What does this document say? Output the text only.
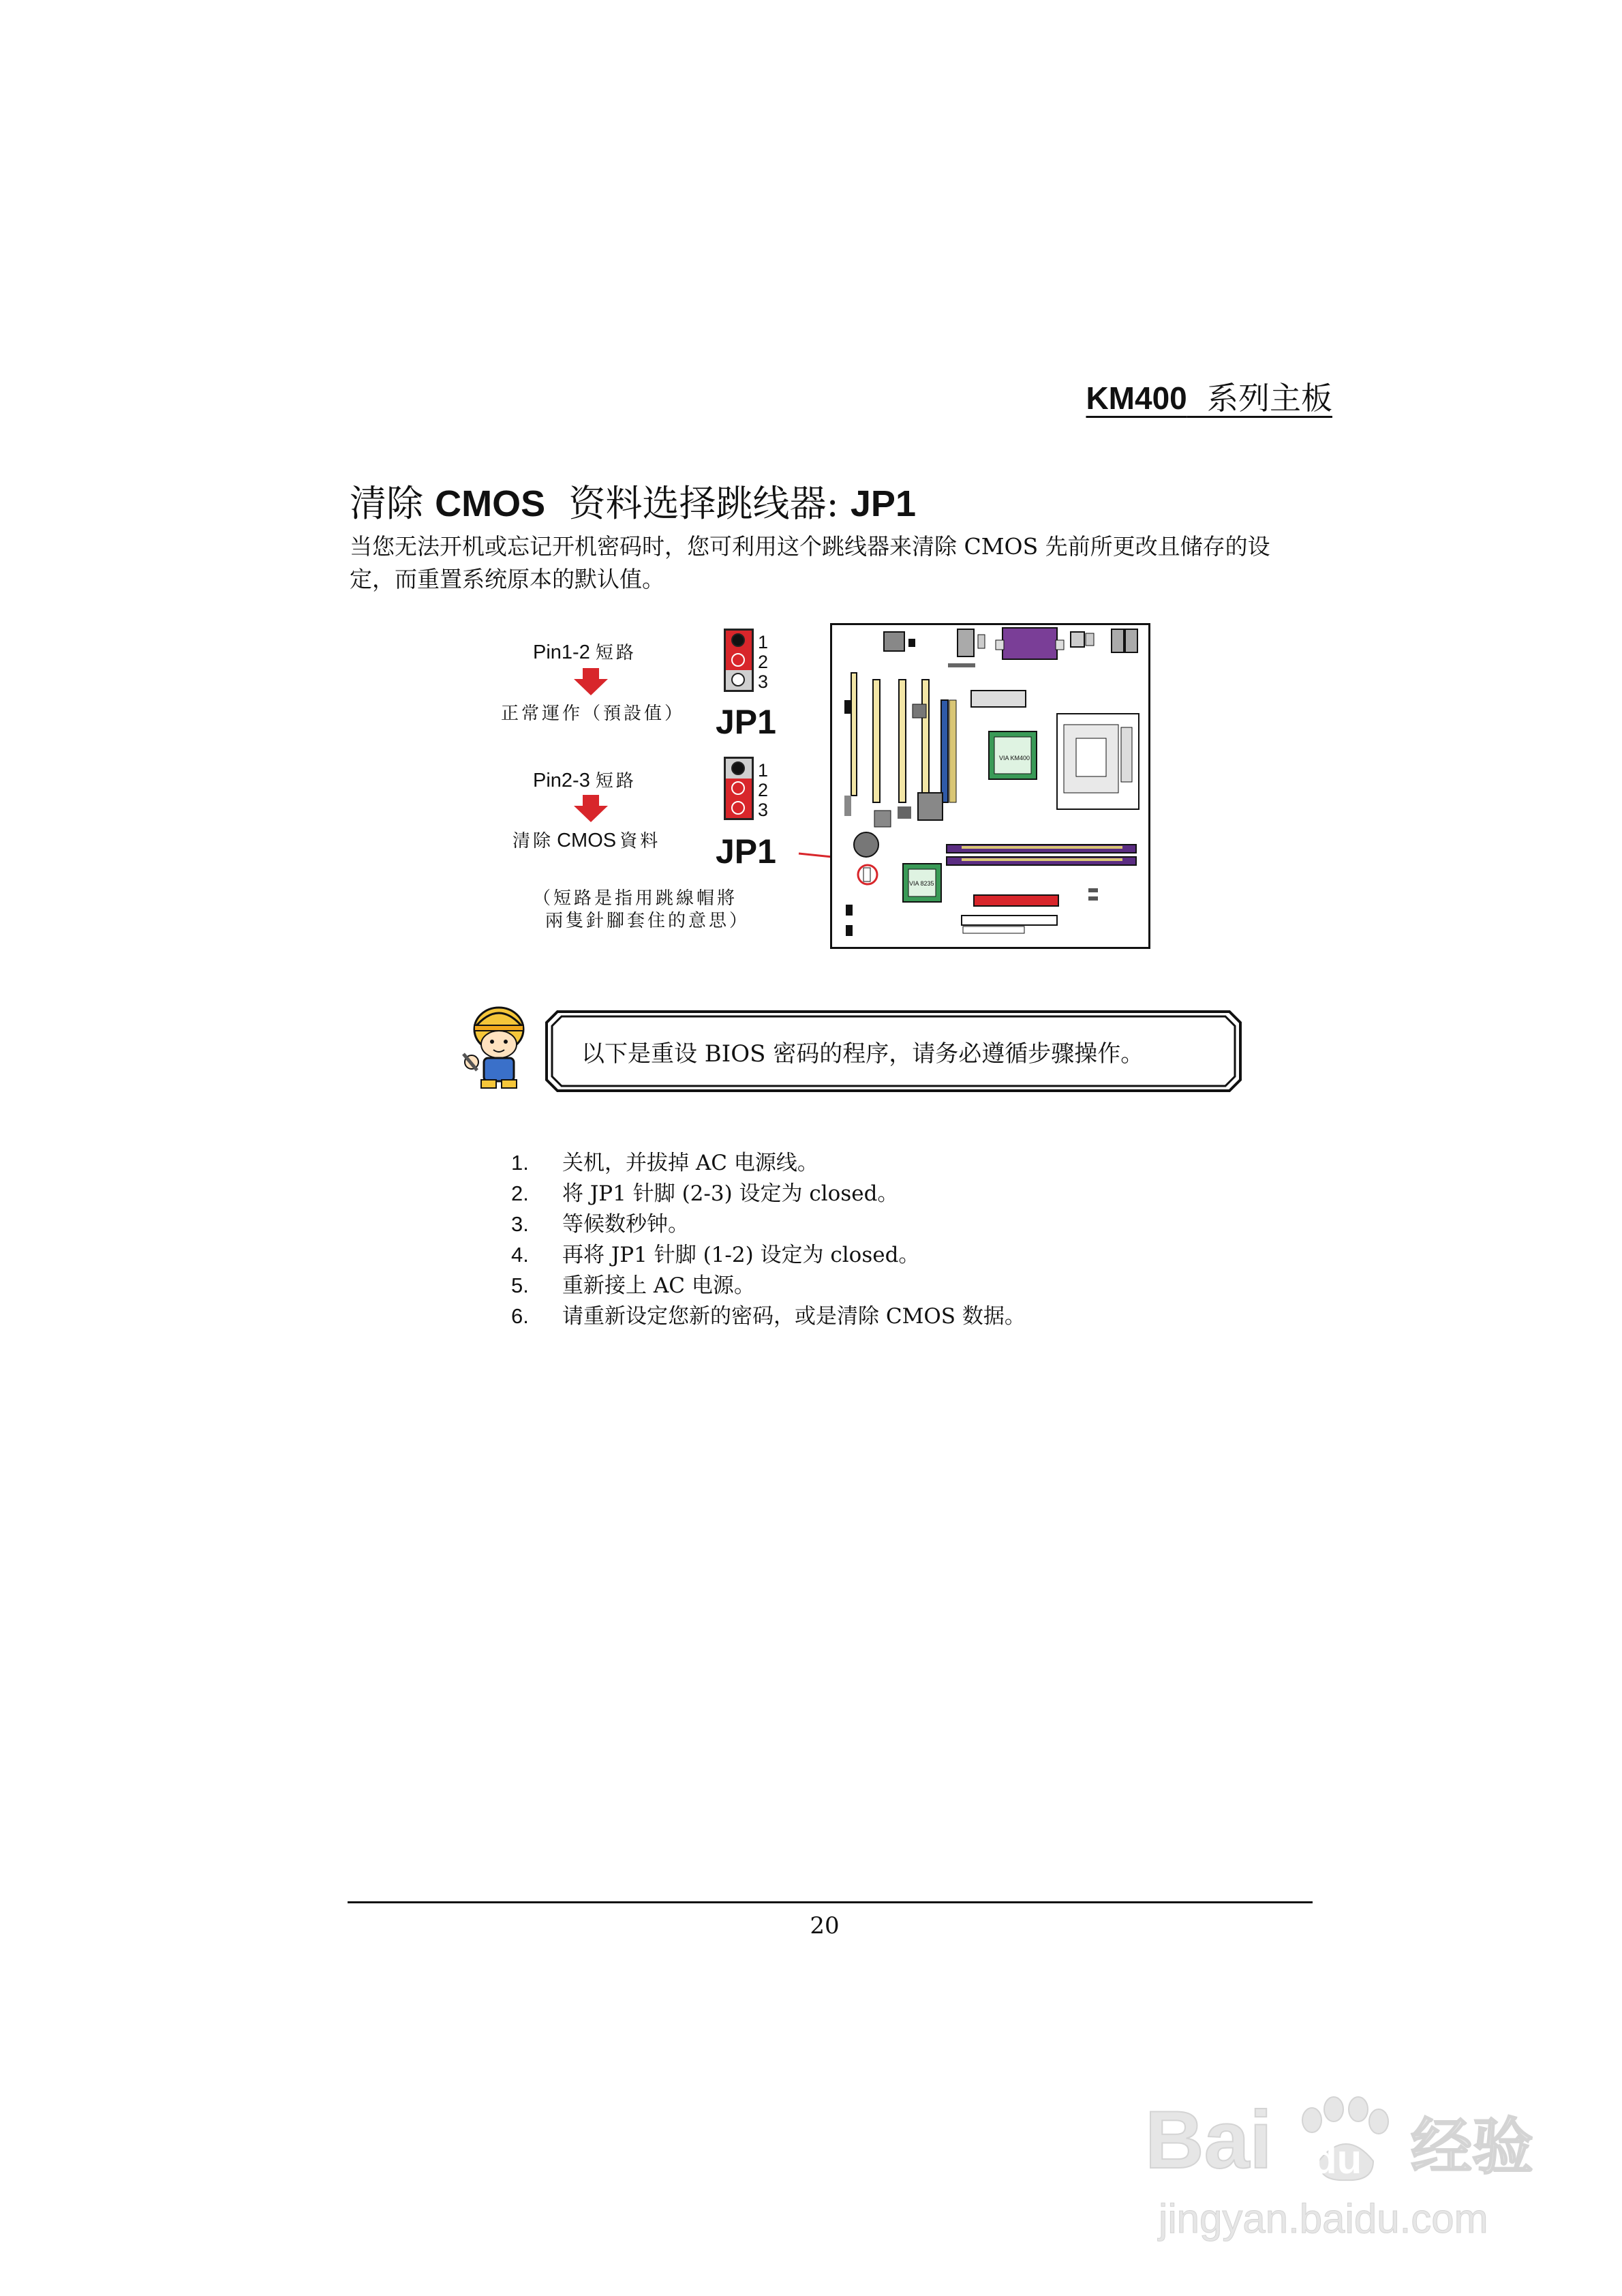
KM400 系列主板
清除 CMOS 资料选择跳线器: JP1
当您无法开机或忘记开机密码时，您可利用这个跳线器来清除 CMOS 先前所更改且储存的设
定，而重置系统原本的默认值。
Pin1-2 短路
正常運作（預設值）
Pin2-3 短路
清除 CMOS 資料
（短路是指用跳線帽將
兩隻針腳套住的意思）
1
2
3
JP1
1
2
3
JP1
VIA KM400
VIA 8235
以下是重设 BIOS 密码的程序，请务必遵循步骤操作。
1. 关机，并拔掉 AC 电源线。
2. 将 JP1 针脚 (2-3) 设定为 closed。
3. 等候数秒钟。
4. 再将 JP1 针脚 (1-2) 设定为 closed。
5. 重新接上 AC 电源。
6. 请重新设定您新的密码，或是清除 CMOS 数据。
20
Bai du 经验
jingyan.baidu.com
